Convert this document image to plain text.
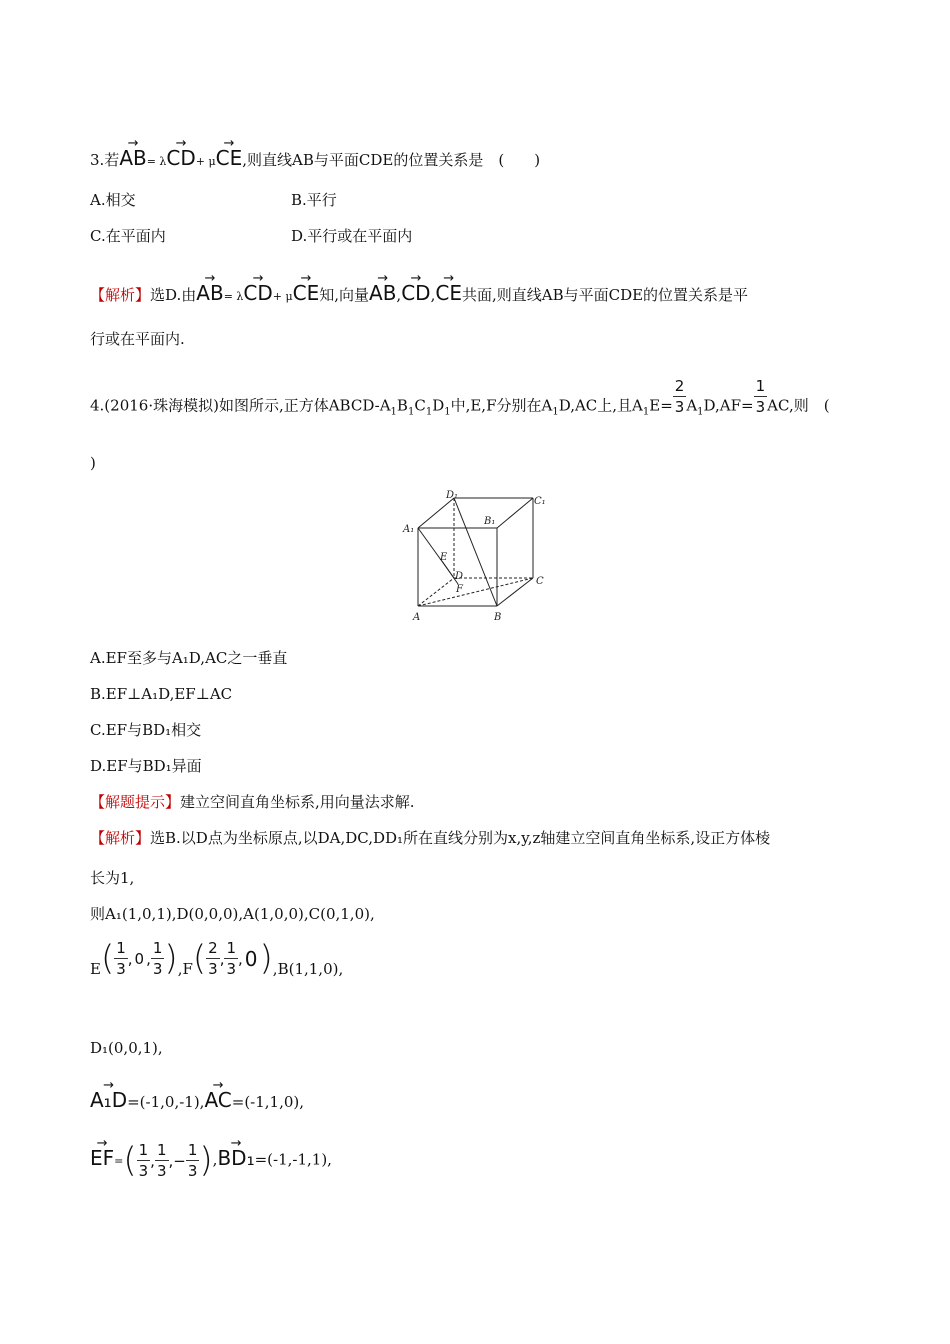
3.若→ AB= λ→ CD+ μ→ CE,则直线AB与平面CDE的位置关系是　(　　)
A.相交	B.平行
C.在平面内	D.平行或在平面内
【解析】选D.由→ AB= λ→ CD+ μ→ CE知,向量→ AB,→ CD,→ CE共面,则直线AB与平面CDE的位置关系是平
行或在平面内.
4.(2016·珠海模拟)如图所示,正方体ABCD-$A_1B_1C_1D_1$中,E,F分别在$A_1D,AC$上,且$A_1E= \frac{2}{3} A_1D,AF= \frac{1}{3}$ AC,则　(
)
D₁
C₁
A₁
B₁
E
D
F
C
A	B
A.EF至多与A₁D,AC之一垂直
B.EF⊥A₁D,EF⊥AC
C.EF与BD₁相交
D.EF与BD₁异面
【解题提示】建立空间直角坐标系,用向量法求解.
【解析】选B.以D点为坐标原点,以DA,DC,DD₁所在直线分别为x,y,z轴建立空间直角坐标系,设正方体棱
长为1,
则A₁(1,0,1),D(0,0,0),A(1,0,0),C(0,1,0),
$E( \frac{1}{3}$ , 0 , $\frac{1}{3} ),F( \frac{2}{3}$ , $\frac{1}{3}$ , 0),B(1,1,0),
D₁(0,0,1),
→ A₁D=(-1,0,-1),→ AC=(-1,1,0),
→ $EF=( \frac{1}{3}$ , $\frac{1}{3}$ ,− $\frac{1}{3}$ ),→ BD₁=(-1,-1,1),
